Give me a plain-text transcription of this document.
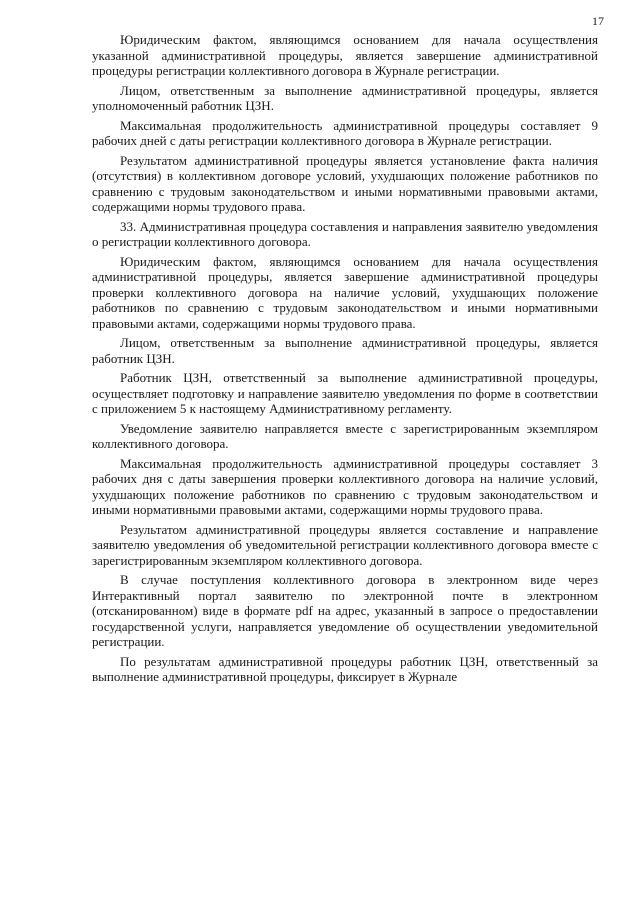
17

Юридическим фактом, являющимся основанием для начала осуществления указанной административной процедуры, является завершение административной процедуры регистрации коллективного договора в Журнале регистрации.

Лицом, ответственным за выполнение административной процедуры, является уполномоченный работник ЦЗН.

Максимальная продолжительность административной процедуры составляет 9 рабочих дней с даты регистрации коллективного договора в Журнале регистрации.

Результатом административной процедуры является установление факта наличия (отсутствия) в коллективном договоре условий, ухудшающих положение работников по сравнению с трудовым законодательством и иными нормативными правовыми актами, содержащими нормы трудового права.

33. Административная процедура составления и направления заявителю уведомления о регистрации коллективного договора.

Юридическим фактом, являющимся основанием для начала осуществления административной процедуры, является завершение административной процедуры проверки коллективного договора на наличие условий, ухудшающих положение работников по сравнению с трудовым законодательством и иными нормативными правовыми актами, содержащими нормы трудового права.

Лицом, ответственным за выполнение административной процедуры, является работник ЦЗН.

Работник ЦЗН, ответственный за выполнение административной процедуры, осуществляет подготовку и направление заявителю уведомления по форме в соответствии с приложением 5 к настоящему Административному регламенту.

Уведомление заявителю направляется вместе с зарегистрированным экземпляром коллективного договора.

Максимальная продолжительность административной процедуры составляет 3 рабочих дня с даты завершения проверки коллективного договора на наличие условий, ухудшающих положение работников по сравнению с трудовым законодательством и иными нормативными правовыми актами, содержащими нормы трудового права.

Результатом административной процедуры является составление и направление заявителю уведомления об уведомительной регистрации коллективного договора вместе с зарегистрированным экземпляром коллективного договора.

В случае поступления коллективного договора в электронном виде через Интерактивный портал заявителю по электронной почте в электронном (отсканированном) виде в формате pdf на адрес, указанный в запросе о предоставлении государственной услуги, направляется уведомление об осуществлении уведомительной регистрации.

По результатам административной процедуры работник ЦЗН, ответственный за выполнение административной процедуры, фиксирует в Журнале
